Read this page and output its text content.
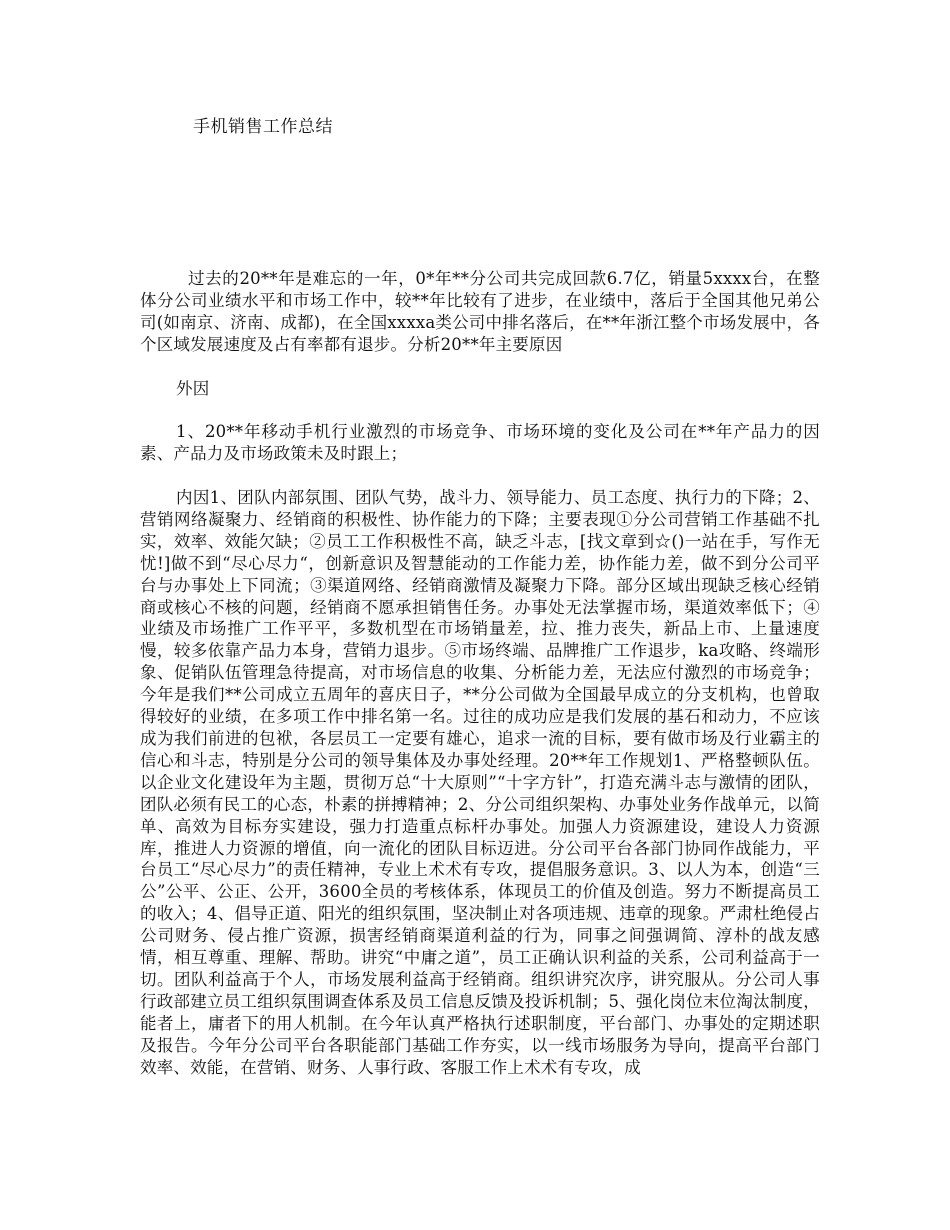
手机销售工作总结

过去的20**年是难忘的一年，0*年**分公司共完成回款6.7亿，销量5xxxx台，在整体分公司业绩水平和市场工作中，较**年比较有了进步，在业绩中，落后于全国其他兄弟公司(如南京、济南、成都)，在全国xxxxa类公司中排名落后，在**年浙江整个市场发展中，各个区域发展速度及占有率都有退步。分析20**年主要原因

外因

1、20**年移动手机行业激烈的市场竞争、市场环境的变化及公司在**年产品力的因素、产品力及市场政策未及时跟上；

内因1、团队内部氛围、团队气势，战斗力、领导能力、员工态度、执行力的下降；2、营销网络凝聚力、经销商的积极性、协作能力的下降；主要表现①分公司营销工作基础不扎实，效率、效能欠缺；②员工工作积极性不高，缺乏斗志，[找文章到☆()一站在手，写作无忧!]做不到“尽心尽力“，创新意识及智慧能动的工作能力差，协作能力差，做不到分公司平台与办事处上下同流；③渠道网络、经销商激情及凝聚力下降。部分区域出现缺乏核心经销商或核心不核的问题，经销商不愿承担销售任务。办事处无法掌握市场，渠道效率低下；④业绩及市场推广工作平平，多数机型在市场销量差，拉、推力丧失，新品上市、上量速度慢，较多依靠产品力本身，营销力退步。⑤市场终端、品牌推广工作退步，ka攻略、终端形象、促销队伍管理急待提高，对市场信息的收集、分析能力差，无法应付激烈的市场竞争；今年是我们**公司成立五周年的喜庆日子，**分公司做为全国最早成立的分支机构，也曾取得较好的业绩，在多项工作中排名第一名。过往的成功应是我们发展的基石和动力，不应该成为我们前进的包袱，各层员工一定要有雄心，追求一流的目标，要有做市场及行业霸主的信心和斗志，特别是分公司的领导集体及办事处经理。20**年工作规划1、严格整顿队伍。以企业文化建设年为主题，贯彻万总“十大原则”“十字方针”，打造充满斗志与激情的团队，团队必须有民工的心态，朴素的拼搏精神；2、分公司组织架构、办事处业务作战单元，以简单、高效为目标夯实建设，强力打造重点标杆办事处。加强人力资源建设，建设人力资源库，推进人力资源的增值，向一流化的团队目标迈进。分公司平台各部门协同作战能力，平台员工“尽心尽力”的责任精神，专业上术术有专攻，提倡服务意识。3、以人为本，创造“三公”公平、公正、公开，3600全员的考核体系，体现员工的价值及创造。努力不断提高员工的收入；4、倡导正道、阳光的组织氛围，坚决制止对各项违规、违章的现象。严肃杜绝侵占公司财务、侵占推广资源，损害经销商渠道利益的行为，同事之间强调简、淳朴的战友感情，相互尊重、理解、帮助。讲究“中庸之道”，员工正确认识利益的关系，公司利益高于一切。团队利益高于个人，市场发展利益高于经销商。组织讲究次序，讲究服从。分公司人事行政部建立员工组织氛围调查体系及员工信息反馈及投诉机制；5、强化岗位末位淘汰制度，能者上，庸者下的用人机制。在今年认真严格执行述职制度，平台部门、办事处的定期述职及报告。今年分公司平台各职能部门基础工作夯实，以一线市场服务为导向，提高平台部门效率、效能，在营销、财务、人事行政、客服工作上术术有专攻，成
